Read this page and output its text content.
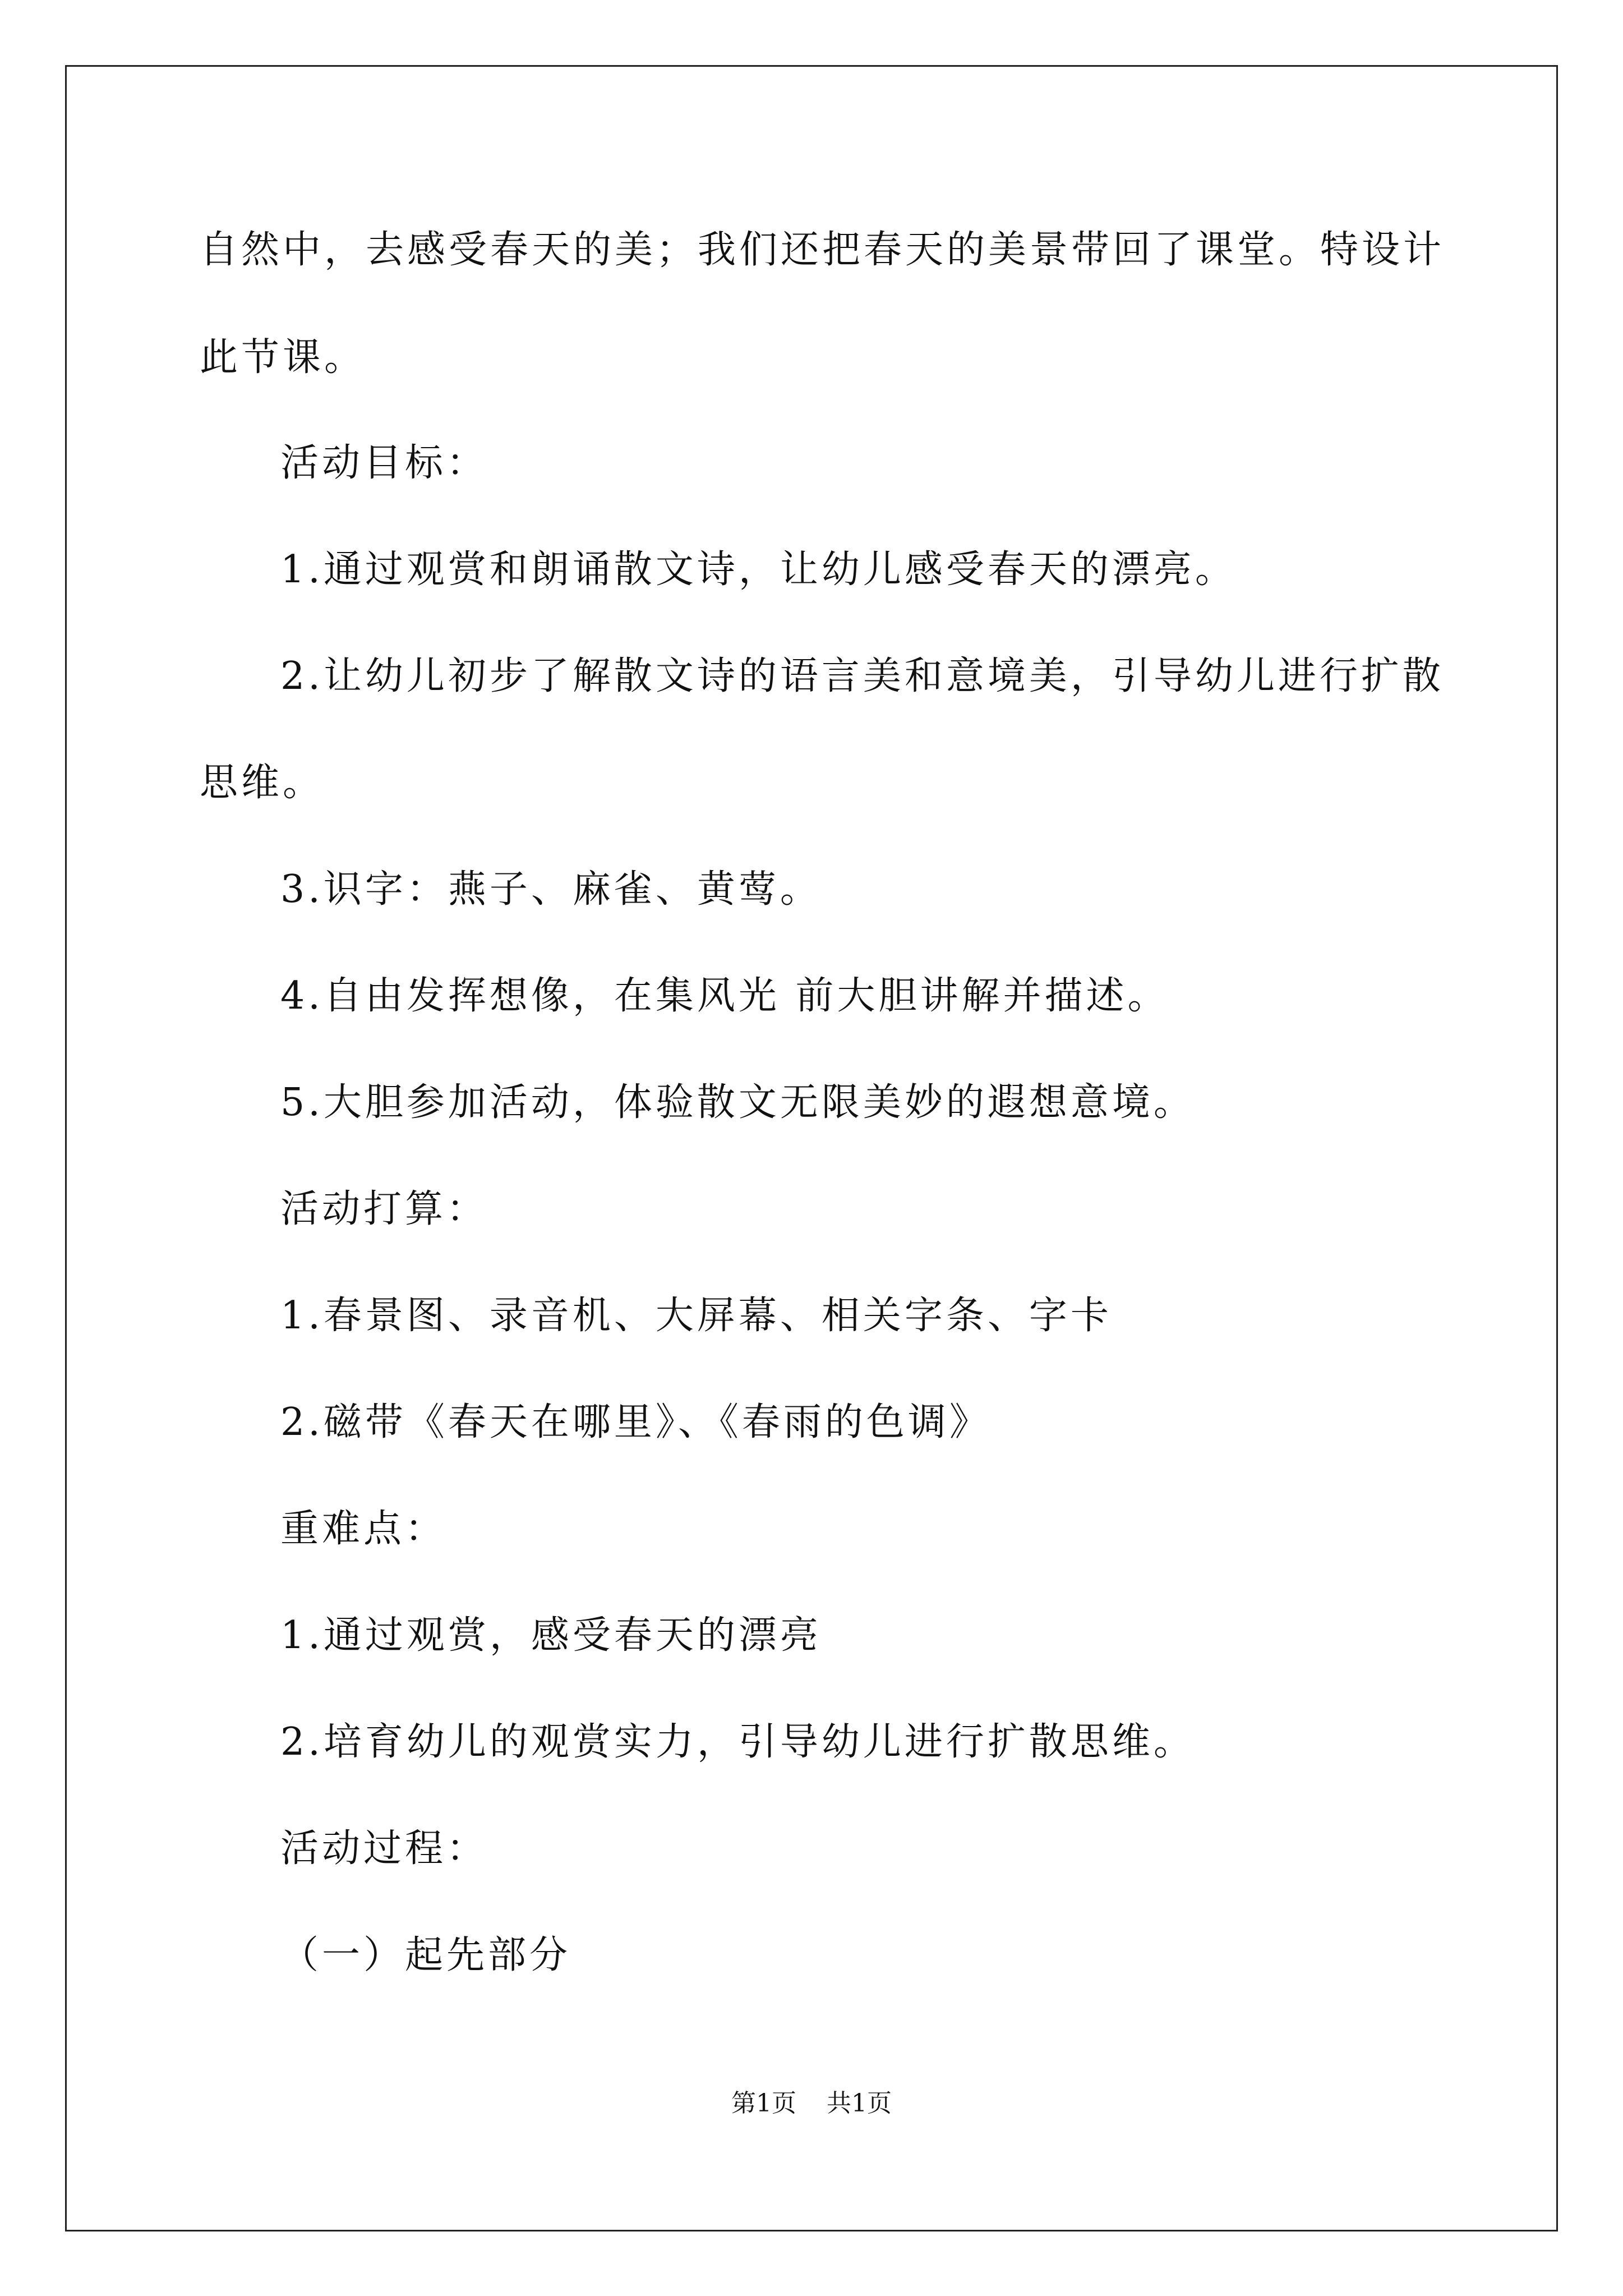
自然中，去感受春天的美；我们还把春天的美景带回了课堂。特设计
此节课。
活动目标：
1.通过观赏和朗诵散文诗，让幼儿感受春天的漂亮。
2.让幼儿初步了解散文诗的语言美和意境美，引导幼儿进行扩散
思维。
3.识字：燕子、麻雀、黄莺。
4.自由发挥想像，在集风光 前大胆讲解并描述。
5.大胆参加活动，体验散文无限美妙的遐想意境。
活动打算：
1.春景图、录音机、大屏幕、相关字条、字卡
2.磁带《春天在哪里》、《春雨的色调》
重难点：
1.通过观赏，感受春天的漂亮
2.培育幼儿的观赏实力，引导幼儿进行扩散思维。
活动过程：
（一）起先部分
第1页 共1页
